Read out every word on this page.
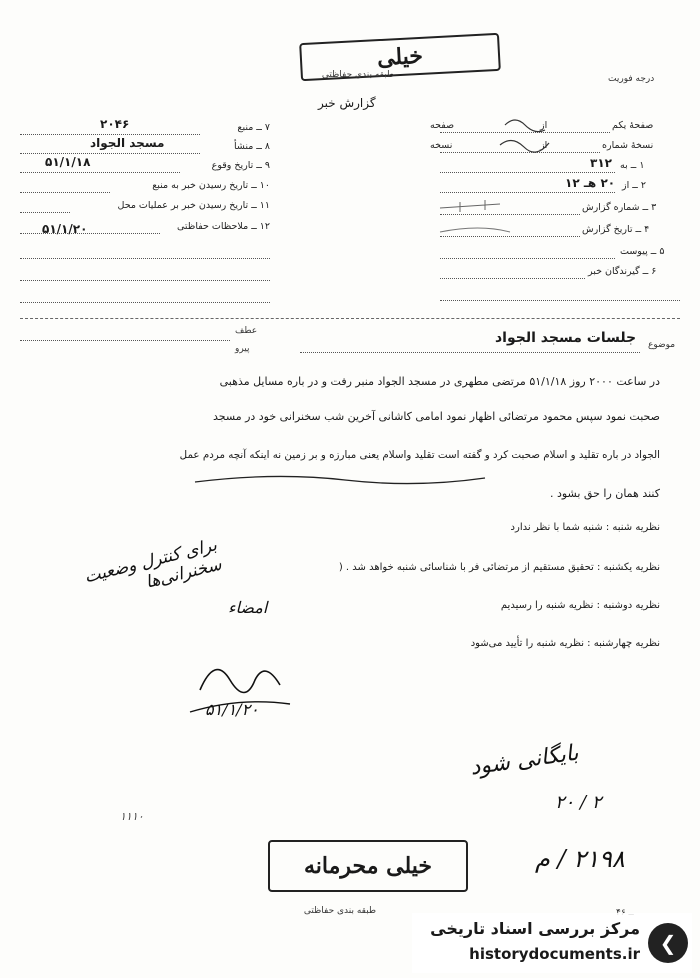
خیلی
طبقه بندی حفاظتی
گزارش خبر
درجه فوریت
۷ ــ منبع
۲۰۴۶
۸ ــ منشأ
مسجد الجواد
۹ ــ تاریخ وقوع
۵۱/۱/۱۸
۱۰ ــ تاریخ رسیدن خبر به منبع
۱۱ ــ تاریخ رسیدن خبر بر عملیات محل
۱۲ ــ ملاحظات حفاظتی
۵۱/۱/۲۰
صفحهٔ یکم
از
صفحه
نسخهٔ شماره
از
نسخه
۱ ــ به
۳۱۲
۲ ــ از
۲۰ هـ ۱۲
۳ ــ شماره گزارش
۴ ــ تاریخ گزارش
۵ ــ پیوست
۶ ــ گیرندگان خبر
موضوع
جلسات مسجد الجواد
عطف
پیرو
در ساعت ۲۰۰۰ روز ۵۱/۱/۱۸ مرتضی مطهری در مسجد الجواد منبر رفت و در باره مسایل مذهبی
صحبت نمود سپس محمود مرتضائی اظهار نمود امامی کاشانی آخرین شب سخنرانی خود در مسجد
الجواد در باره تقلید و اسلام صحبت کرد و گفته است تقلید واسلام یعنی مبارزه و بر زمین نه اینکه آنچه مردم عمل
کنند همان را حق بشود .
نظریه شنبه : شنبه شما با نظر ندارد
نظریه یکشنبه : تحقیق مستقیم از مرتضائی فر با شناسائی شنبه خواهد شد . (
نظریه دوشنبه : نظریه شنبه را رسیدیم
نظریه چهارشنبه : نظریه شنبه را تأیید می‌شود
برای کنترل وضعیت سخنرانی‌ها
امضاء
۵۱/۱/۲۰
بایگانی شود
۲۰ / ۲
۱۱۱۰
۲۱۹۸ / م
خیلی محرمانه
طبقه بندی حفاظتی
مرکز بررسی اسناد تاریخی
historydocuments.ir ❮
